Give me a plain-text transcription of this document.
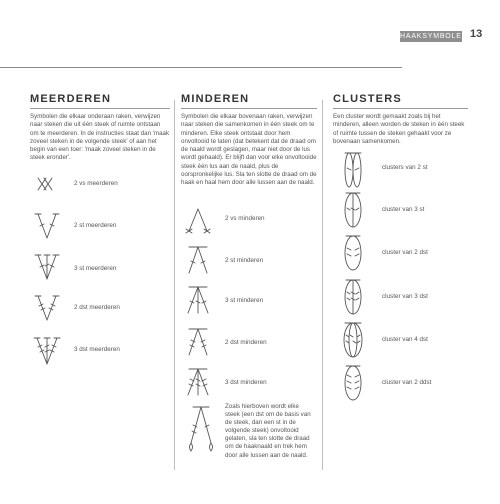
HAAKSYMBOLEN 13
MEERDEREN
Symbolen die elkaar onderaan raken, verwijzen naar steken die uit één steek of ruimte ontstaan om te meerderen. In de instructies staat dan 'maak zoveel steken in de volgende steek' of aan het begin van een toer: 'maak zoveel steken in de steek eronder'.
2 vs meerderen
2 st meerderen
3 st meerderen
2 dst meerderen
3 dst meerderen
MINDEREN
Symbolen die elkaar bovenaan raken, verwijzen naar steken die samenkomen in één steek om te minderen. Elke steek ontstaat door hem onvoltooid te laten (dat betekent dat de draad om de naald wordt geslagen, maar niet door de lus wordt gehaald). Er blijft dan voor elke onvoltooide steek één lus aan de naald, plus de oorspronkelijke lus. Sla ten slotte de draad om de haak en haal hem door alle lussen aan de naald.
2 vs minderen
2 st minderen
3 st minderen
2 dst minderen
3 dst minderen
Zoals hierboven wordt elke steek (een dst om de basis van de steek, dan een st in de volgende steek) onvoltooid gelaten, sla ten slotte de draad om de haaknaald en trek hem door alle lussen aan de naald.
CLUSTERS
Een cluster wordt gemaakt zoals bij het minderen, alleen worden de steken in één steek of ruimte tussen de steken gehaakt voor ze bovenaan samenkomen.
clusters van 2 st
cluster van 3 st
cluster van 2 dst
cluster van 3 dst
cluster van 4 dst
cluster van 2 ddst
